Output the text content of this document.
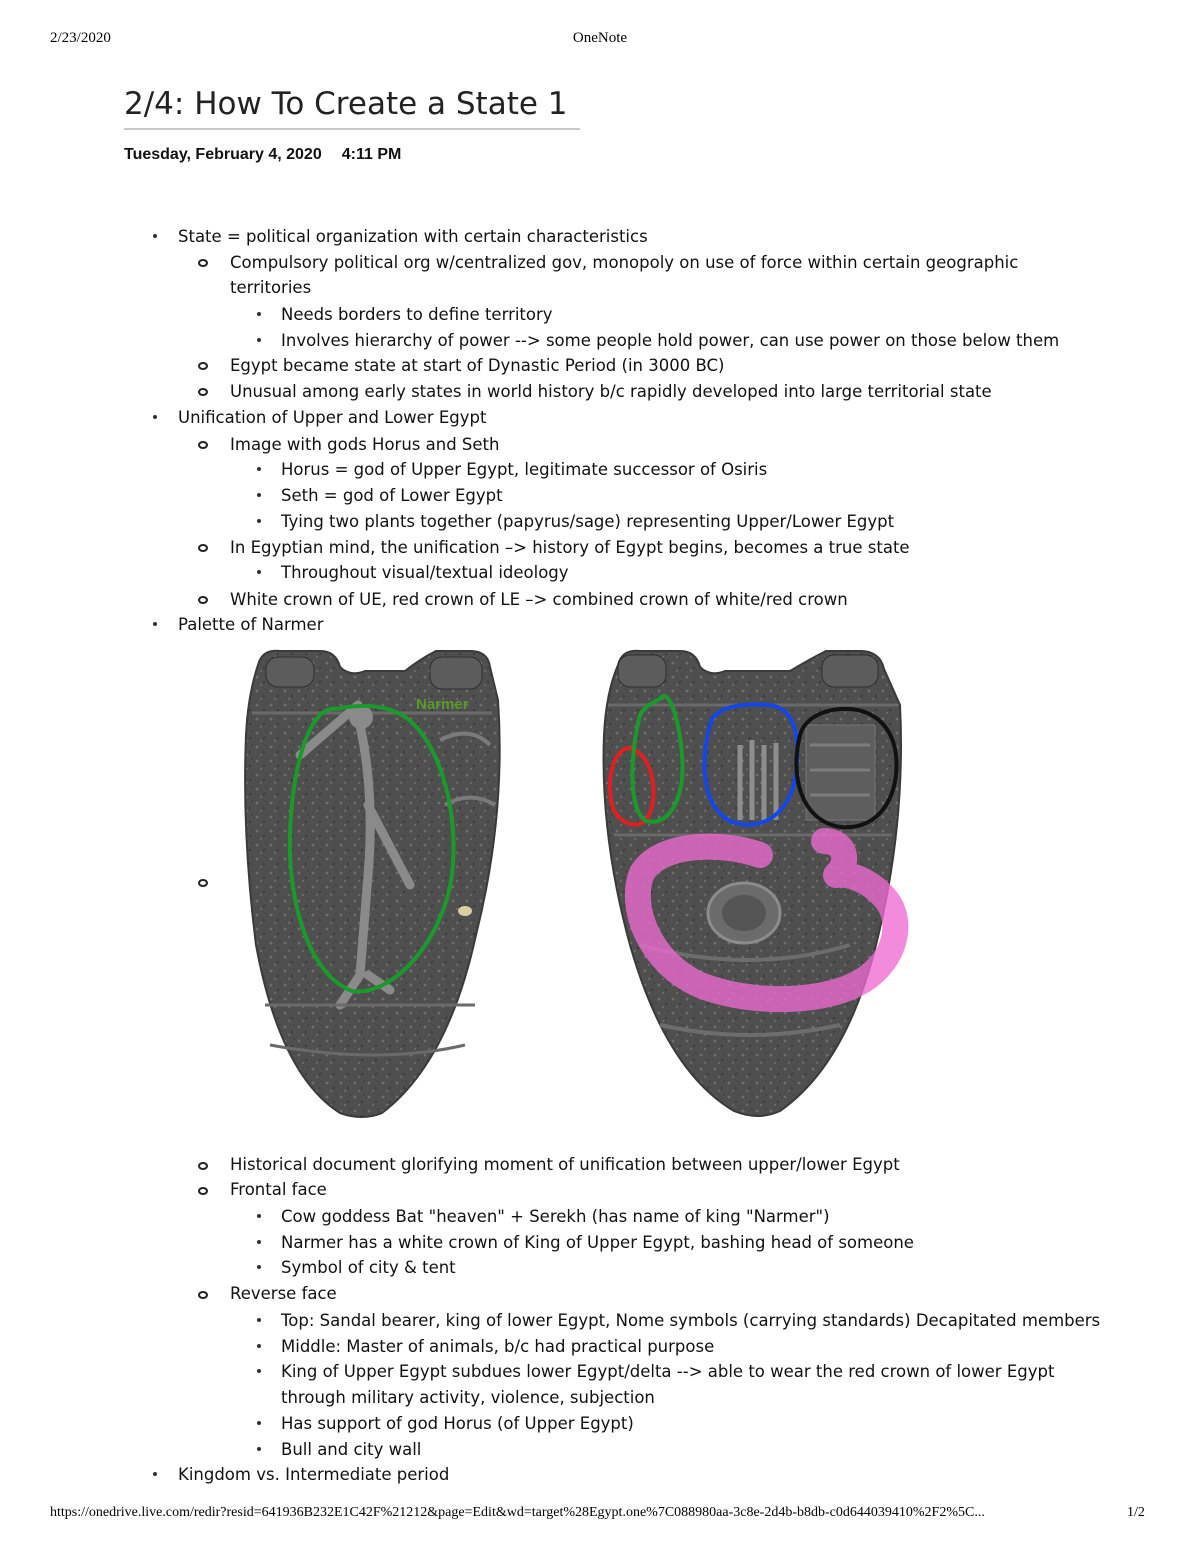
2/23/2020	OneNote
2/4: How To Create a State 1
Tuesday, February 4, 2020 4:11 PM
State = political organization with certain characteristics
Compulsory political org w/centralized gov, monopoly on use of force within certain geographic
territories
Needs borders to define territory
Involves hierarchy of power --> some people hold power, can use power on those below them
Egypt became state at start of Dynastic Period (in 3000 BC)
Unusual among early states in world history b/c rapidly developed into large territorial state
Unification of Upper and Lower Egypt
Image with gods Horus and Seth
Horus = god of Upper Egypt, legitimate successor of Osiris
Seth = god of Lower Egypt
Tying two plants together (papyrus/sage) representing Upper/Lower Egypt
In Egyptian mind, the unification –> history of Egypt begins, becomes a true state
Throughout visual/textual ideology
White crown of UE, red crown of LE –> combined crown of white/red crown
Palette of Narmer
Narmer
Historical document glorifying moment of unification between upper/lower Egypt
Frontal face
Cow goddess Bat "heaven" + Serekh (has name of king "Narmer")
Narmer has a white crown of King of Upper Egypt, bashing head of someone
Symbol of city & tent
Reverse face
Top: Sandal bearer, king of lower Egypt, Nome symbols (carrying standards) Decapitated members
Middle: Master of animals, b/c had practical purpose
King of Upper Egypt subdues lower Egypt/delta --> able to wear the red crown of lower Egypt
through military activity, violence, subjection
Has support of god Horus (of Upper Egypt)
Bull and city wall
Kingdom vs. Intermediate period
https://onedrive.live.com/redir?resid=641936B232E1C42F%21212&page=Edit&wd=target%28Egypt.one%7C088980aa-3c8e-2d4b-b8db-c0d644039410%2F2%5C...	1/2
